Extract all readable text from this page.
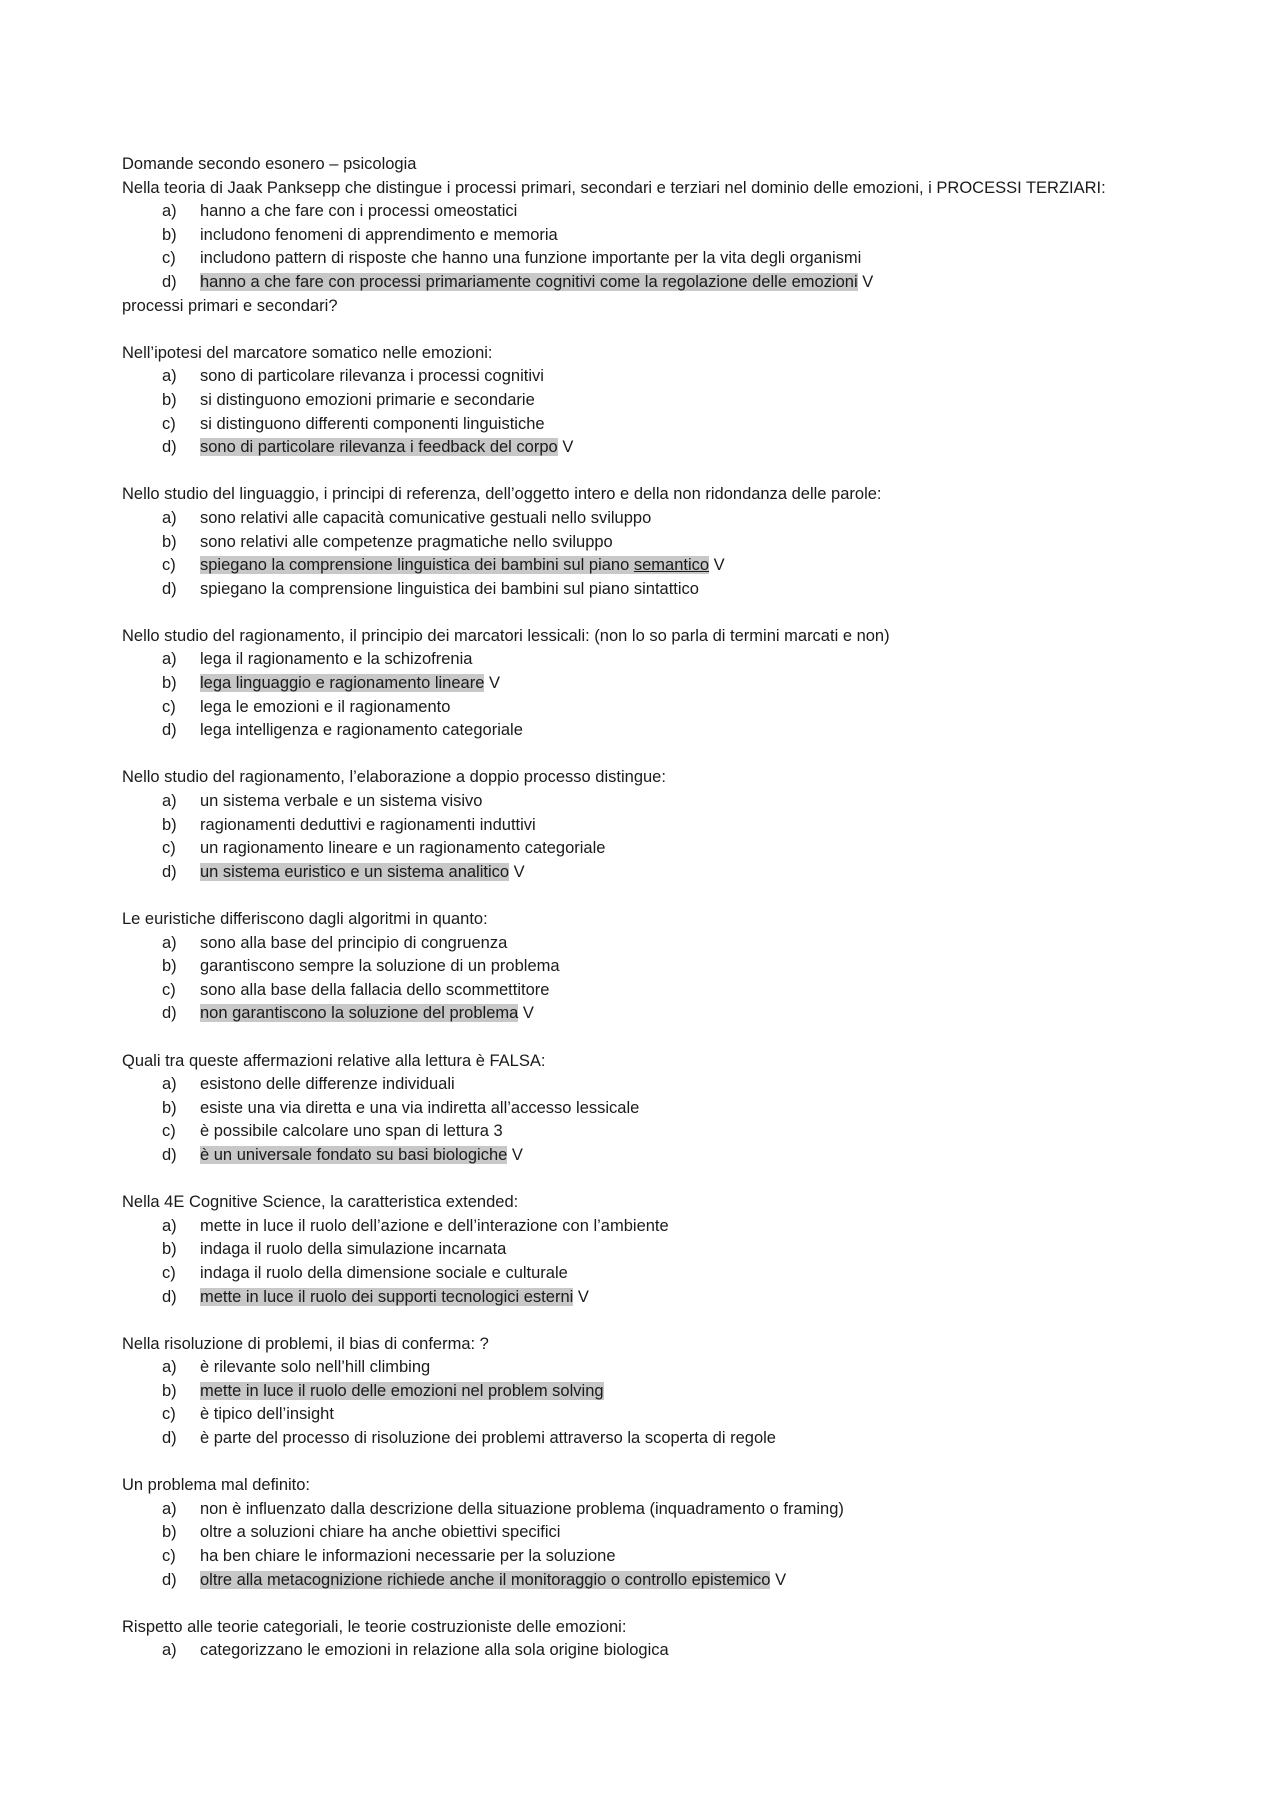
Domande secondo esonero – psicologia
Nella teoria di Jaak Panksepp che distingue i processi primari, secondari e terziari nel dominio delle emozioni, i PROCESSI TERZIARI:
a) hanno a che fare con i processi omeostatici
b) includono fenomeni di apprendimento e memoria
c) includono pattern di risposte che hanno una funzione importante per la vita degli organismi
d) hanno a che fare con processi primariamente cognitivi come la regolazione delle emozioni V
processi primari e secondari?
Nell’ipotesi del marcatore somatico nelle emozioni:
a) sono di particolare rilevanza i processi cognitivi
b) si distinguono emozioni primarie e secondarie
c) si distinguono differenti componenti linguistiche
d) sono di particolare rilevanza i feedback del corpo V
Nello studio del linguaggio, i principi di referenza, dell’oggetto intero e della non ridondanza delle parole:
a) sono relativi alle capacità comunicative gestuali nello sviluppo
b) sono relativi alle competenze pragmatiche nello sviluppo
c) spiegano la comprensione linguistica dei bambini sul piano semantico V
d) spiegano la comprensione linguistica dei bambini sul piano sintattico
Nello studio del ragionamento, il principio dei marcatori lessicali: (non lo so parla di termini marcati e non)
a) lega il ragionamento e la schizofrenia
b) lega linguaggio e ragionamento lineare V
c) lega le emozioni e il ragionamento
d) lega intelligenza e ragionamento categoriale
Nello studio del ragionamento, l’elaborazione a doppio processo distingue:
a) un sistema verbale e un sistema visivo
b) ragionamenti deduttivi e ragionamenti induttivi
c) un ragionamento lineare e un ragionamento categoriale
d) un sistema euristico e un sistema analitico V
Le euristiche differiscono dagli algoritmi in quanto:
a) sono alla base del principio di congruenza
b) garantiscono sempre la soluzione di un problema
c) sono alla base della fallacia dello scommettitore
d) non garantiscono la soluzione del problema V
Quali tra queste affermazioni relative alla lettura è FALSA:
a) esistono delle differenze individuali
b) esiste una via diretta e una via indiretta all’accesso lessicale
c) è possibile calcolare uno span di lettura 3
d) è un universale fondato su basi biologiche V
Nella 4E Cognitive Science, la caratteristica extended:
a) mette in luce il ruolo dell’azione e dell’interazione con l’ambiente
b) indaga il ruolo della simulazione incarnata
c) indaga il ruolo della dimensione sociale e culturale
d) mette in luce il ruolo dei supporti tecnologici esterni V
Nella risoluzione di problemi, il bias di conferma: ?
a) è rilevante solo nell’hill climbing
b) mette in luce il ruolo delle emozioni nel problem solving
c) è tipico dell’insight
d) è parte del processo di risoluzione dei problemi attraverso la scoperta di regole
Un problema mal definito:
a) non è influenzato dalla descrizione della situazione problema (inquadramento o framing)
b) oltre a soluzioni chiare ha anche obiettivi specifici
c) ha ben chiare le informazioni necessarie per la soluzione
d) oltre alla metacognizione richiede anche il monitoraggio o controllo epistemico V
Rispetto alle teorie categoriali, le teorie costruzioniste delle emozioni:
a) categorizzano le emozioni in relazione alla sola origine biologica
